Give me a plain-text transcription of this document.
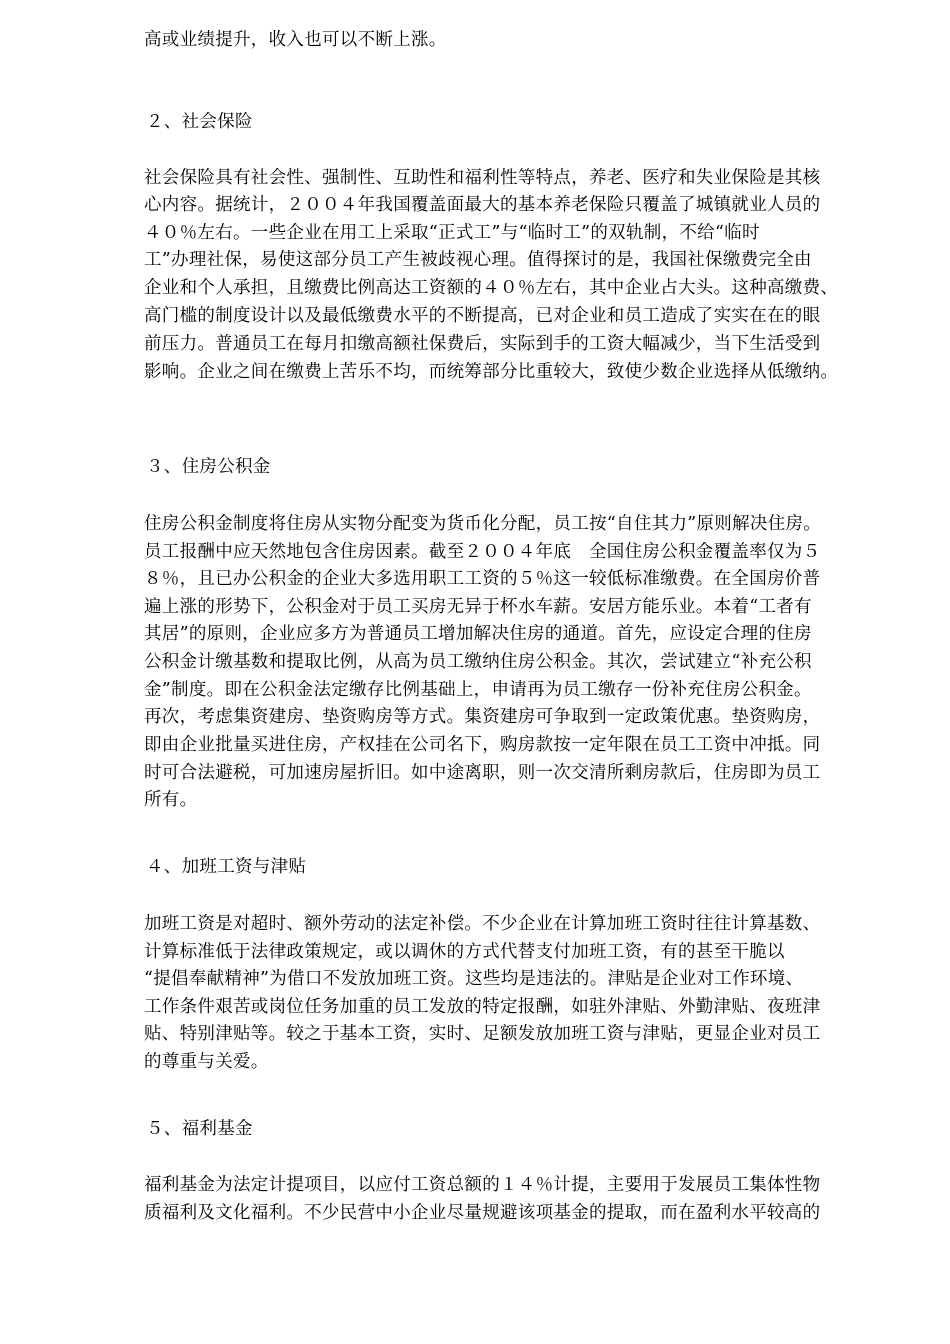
高或业绩提升，收入也可以不断上涨。
２、社会保险
社会保险具有社会性、强制性、互助性和福利性等特点，养老、医疗和失业保险是其核
心内容。据统计，２００４年我国覆盖面最大的基本养老保险只覆盖了城镇就业人员的
４０％左右。一些企业在用工上采取“正式工”与“临时工”的双轨制，不给“临时
工”办理社保，易使这部分员工产生被歧视心理。值得探讨的是，我国社保缴费完全由
企业和个人承担，且缴费比例高达工资额的４０％左右，其中企业占大头。这种高缴费、
高门槛的制度设计以及最低缴费水平的不断提高，已对企业和员工造成了实实在在的眼
前压力。普通员工在每月扣缴高额社保费后，实际到手的工资大幅减少，当下生活受到
影响。企业之间在缴费上苦乐不均，而统筹部分比重较大，致使少数企业选择从低缴纳。
３、住房公积金
住房公积金制度将住房从实物分配变为货币化分配，员工按“自住其力”原则解决住房。
员工报酬中应天然地包含住房因素。截至２００４年底　全国住房公积金覆盖率仅为５
８％，且已办公积金的企业大多选用职工工资的５％这一较低标准缴费。在全国房价普
遍上涨的形势下，公积金对于员工买房无异于杯水车薪。安居方能乐业。本着“工者有
其居”的原则，企业应多方为普通员工增加解决住房的通道。首先，应设定合理的住房
公积金计缴基数和提取比例，从高为员工缴纳住房公积金。其次，尝试建立“补充公积
金”制度。即在公积金法定缴存比例基础上，申请再为员工缴存一份补充住房公积金。
再次，考虑集资建房、垫资购房等方式。集资建房可争取到一定政策优惠。垫资购房，
即由企业批量买进住房，产权挂在公司名下，购房款按一定年限在员工工资中冲抵。同
时可合法避税，可加速房屋折旧。如中途离职，则一次交清所剩房款后，住房即为员工
所有。
４、加班工资与津贴
加班工资是对超时、额外劳动的法定补偿。不少企业在计算加班工资时往往计算基数、
计算标准低于法律政策规定，或以调休的方式代替支付加班工资，有的甚至干脆以
“提倡奉献精神”为借口不发放加班工资。这些均是违法的。津贴是企业对工作环境、
工作条件艰苦或岗位任务加重的员工发放的特定报酬，如驻外津贴、外勤津贴、夜班津
贴、特别津贴等。较之于基本工资，实时、足额发放加班工资与津贴，更显企业对员工
的尊重与关爱。
５、福利基金
福利基金为法定计提项目，以应付工资总额的１４％计提，主要用于发展员工集体性物
质福利及文化福利。不少民营中小企业尽量规避该项基金的提取，而在盈利水平较高的
